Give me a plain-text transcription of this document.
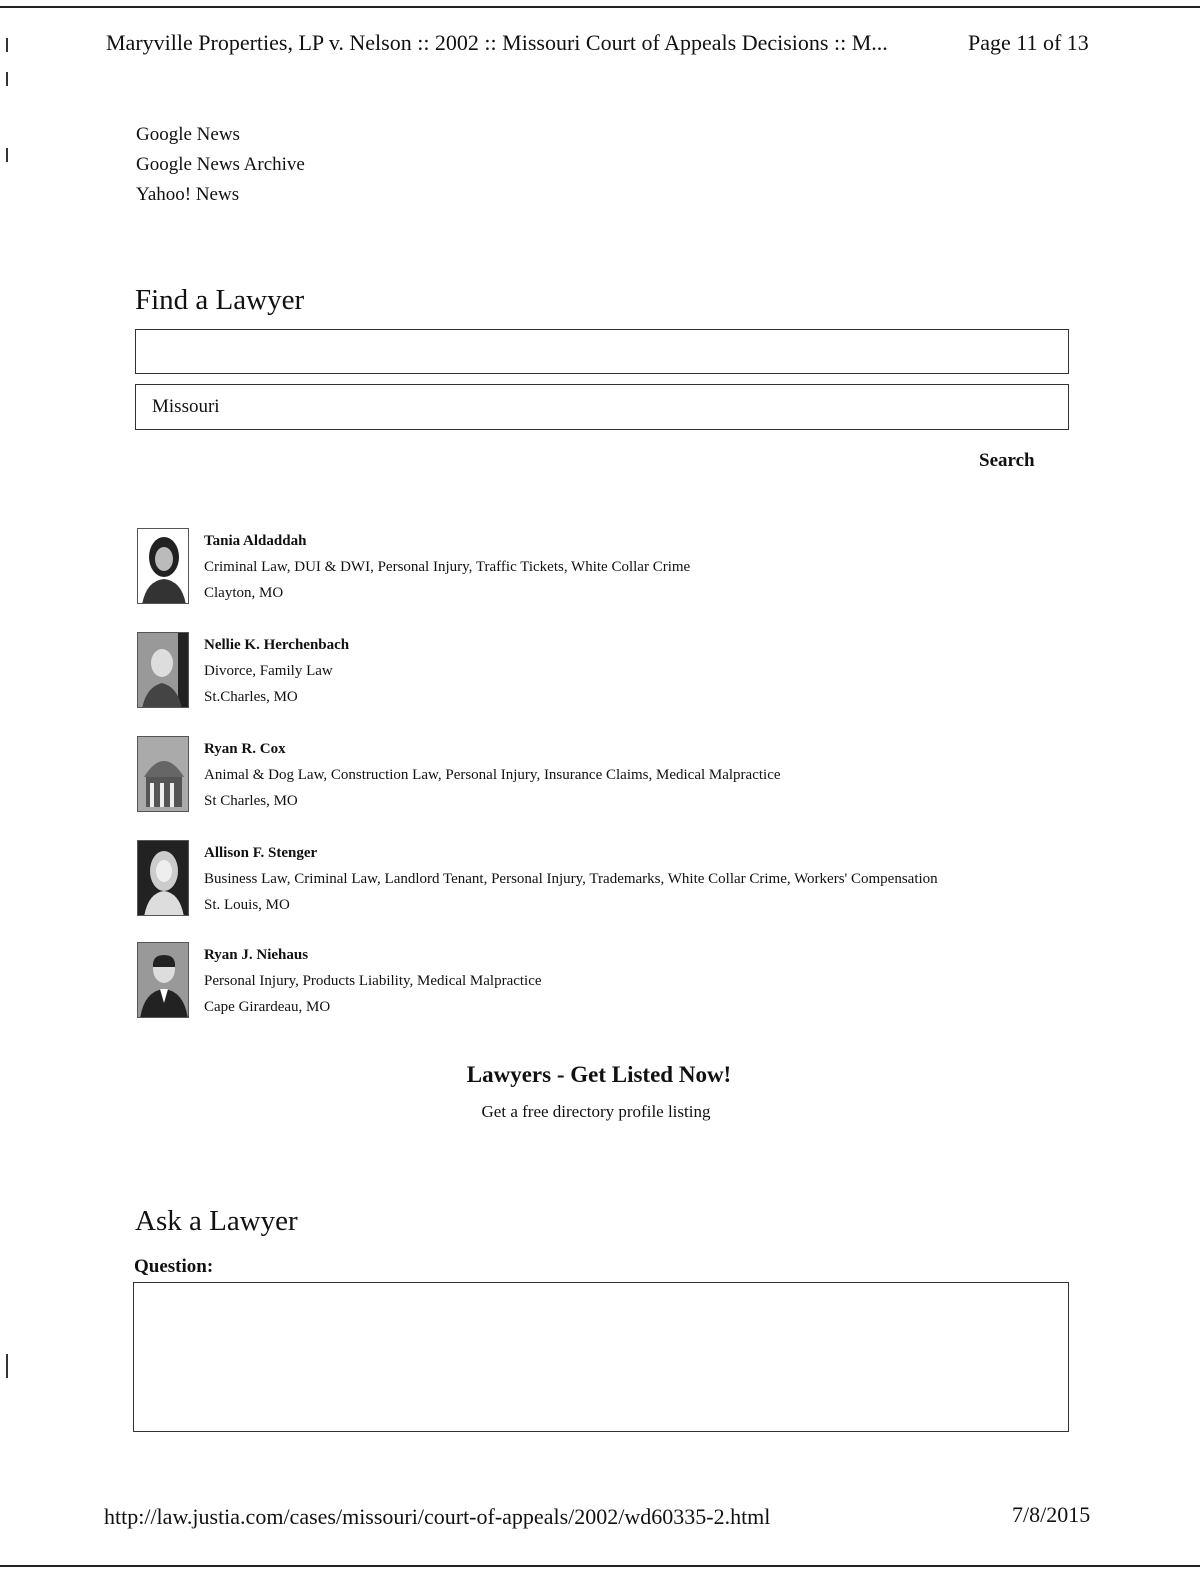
Maryville Properties, LP v. Nelson :: 2002 :: Missouri Court of Appeals Decisions :: M...	Page 11 of 13
Google News
Google News Archive
Yahoo! News
Find a Lawyer
Missouri
Search
Tania Aldaddah
Criminal Law, DUI & DWI, Personal Injury, Traffic Tickets, White Collar Crime
Clayton, MO
Nellie K. Herchenbach
Divorce, Family Law
St.Charles, MO
Ryan R. Cox
Animal & Dog Law, Construction Law, Personal Injury, Insurance Claims, Medical Malpractice
St Charles, MO
Allison F. Stenger
Business Law, Criminal Law, Landlord Tenant, Personal Injury, Trademarks, White Collar Crime, Workers' Compensation
St. Louis, MO
Ryan J. Niehaus
Personal Injury, Products Liability, Medical Malpractice
Cape Girardeau, MO
Lawyers - Get Listed Now!
Get a free directory profile listing
Ask a Lawyer
Question:
http://law.justia.com/cases/missouri/court-of-appeals/2002/wd60335-2.html	7/8/2015
